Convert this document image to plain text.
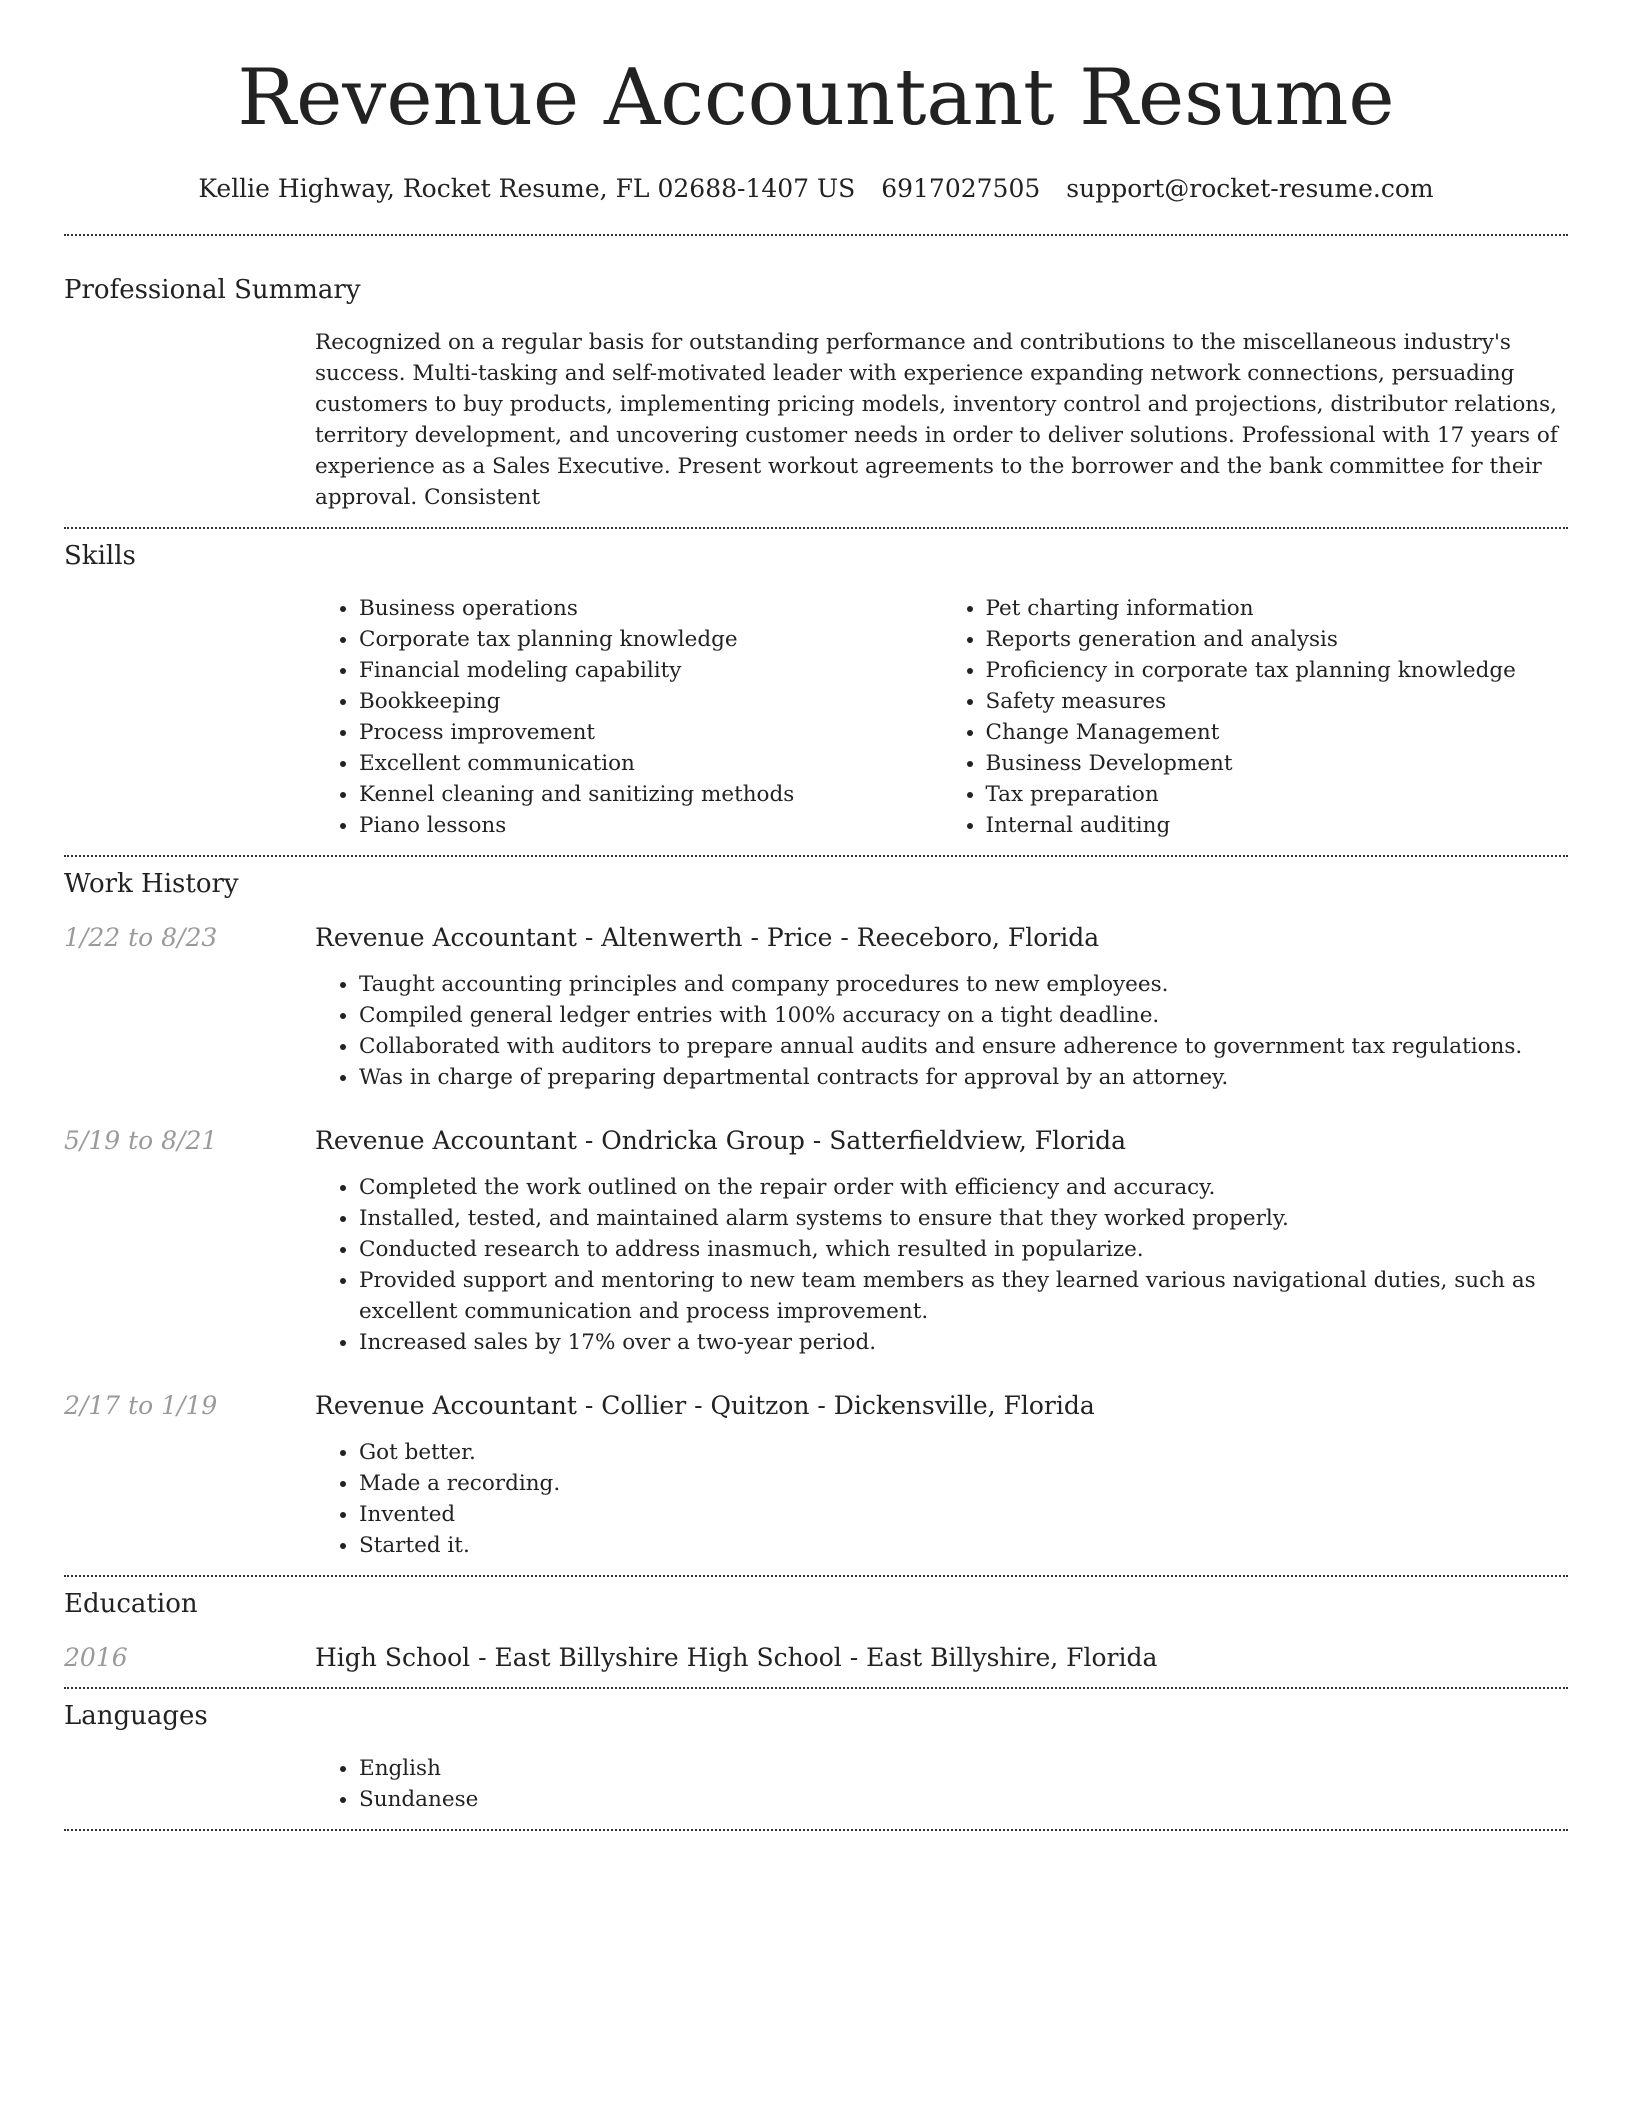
Revenue Accountant Resume
Kellie Highway, Rocket Resume, FL 02688-1407 US 6917027505 support@rocket-resume.com
Professional Summary

Recognized on a regular basis for outstanding performance and contributions to the miscellaneous industry's success. Multi-tasking and self-motivated leader with experience expanding network connections, persuading customers to buy products, implementing pricing models, inventory control and projections, distributor relations, territory development, and uncovering customer needs in order to deliver solutions. Professional with 17 years of experience as a Sales Executive. Present workout agreements to the borrower and the bank committee for their approval. Consistent

Skills
• Business operations
• Corporate tax planning knowledge
• Financial modeling capability
• Bookkeeping
• Process improvement
• Excellent communication
• Kennel cleaning and sanitizing methods
• Piano lessons
• Pet charting information
• Reports generation and analysis
• Proficiency in corporate tax planning knowledge
• Safety measures
• Change Management
• Business Development
• Tax preparation
• Internal auditing
Work History
1/22 to 8/23	Revenue Accountant - Altenwerth - Price - Reeceboro, Florida
• Taught accounting principles and company procedures to new employees.
• Compiled general ledger entries with 100% accuracy on a tight deadline.
• Collaborated with auditors to prepare annual audits and ensure adherence to government tax regulations.
• Was in charge of preparing departmental contracts for approval by an attorney.
5/19 to 8/21	Revenue Accountant - Ondricka Group - Satterfieldview, Florida
• Completed the work outlined on the repair order with efficiency and accuracy.
• Installed, tested, and maintained alarm systems to ensure that they worked properly.
• Conducted research to address inasmuch, which resulted in popularize.
• Provided support and mentoring to new team members as they learned various navigational duties, such as excellent communication and process improvement.
• Increased sales by 17% over a two-year period.
2/17 to 1/19	Revenue Accountant - Collier - Quitzon - Dickensville, Florida
• Got better.
• Made a recording.
• Invented
• Started it.
Education
2016	High School - East Billyshire High School - East Billyshire, Florida
Languages
• English
• Sundanese
